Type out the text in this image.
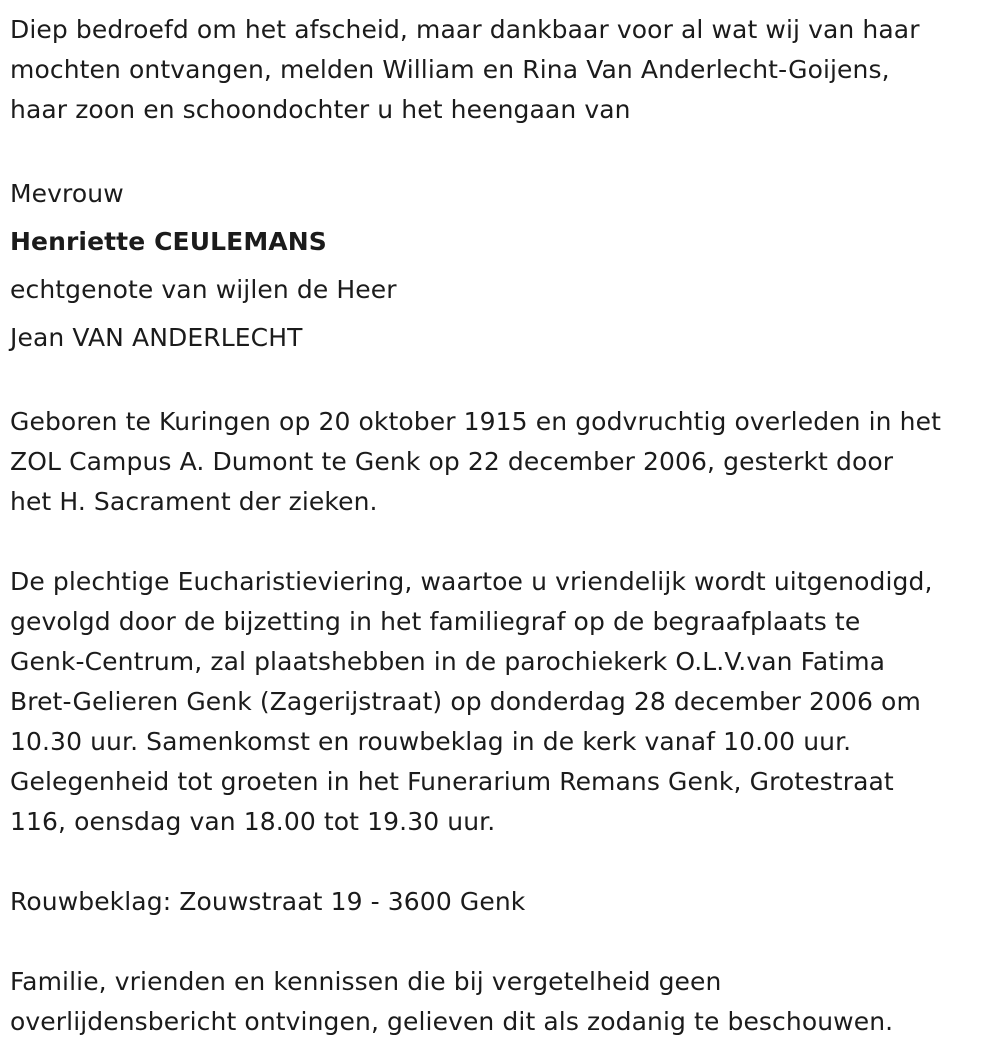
Diep bedroefd om het afscheid, maar dankbaar voor al wat wij van haar
mochten ontvangen, melden William en Rina Van Anderlecht-Goijens,
haar zoon en schoondochter u het heengaan van
Mevrouw
Henriette CEULEMANS
echtgenote van wijlen de Heer
Jean VAN ANDERLECHT
Geboren te Kuringen op 20 oktober 1915 en godvruchtig overleden in het
ZOL Campus A. Dumont te Genk op 22 december 2006, gesterkt door
het H. Sacrament der zieken.
De plechtige Eucharistieviering, waartoe u vriendelijk wordt uitgenodigd,
gevolgd door de bijzetting in het familiegraf op de begraafplaats te
Genk-Centrum, zal plaatshebben in de parochiekerk O.L.V.van Fatima
Bret-Gelieren Genk (Zagerijstraat) op donderdag 28 december 2006 om
10.30 uur. Samenkomst en rouwbeklag in de kerk vanaf 10.00 uur.
Gelegenheid tot groeten in het Funerarium Remans Genk, Grotestraat
116, oensdag van 18.00 tot 19.30 uur.
Rouwbeklag: Zouwstraat 19 - 3600 Genk
Familie, vrienden en kennissen die bij vergetelheid geen
overlijdensbericht ontvingen, gelieven dit als zodanig te beschouwen.
